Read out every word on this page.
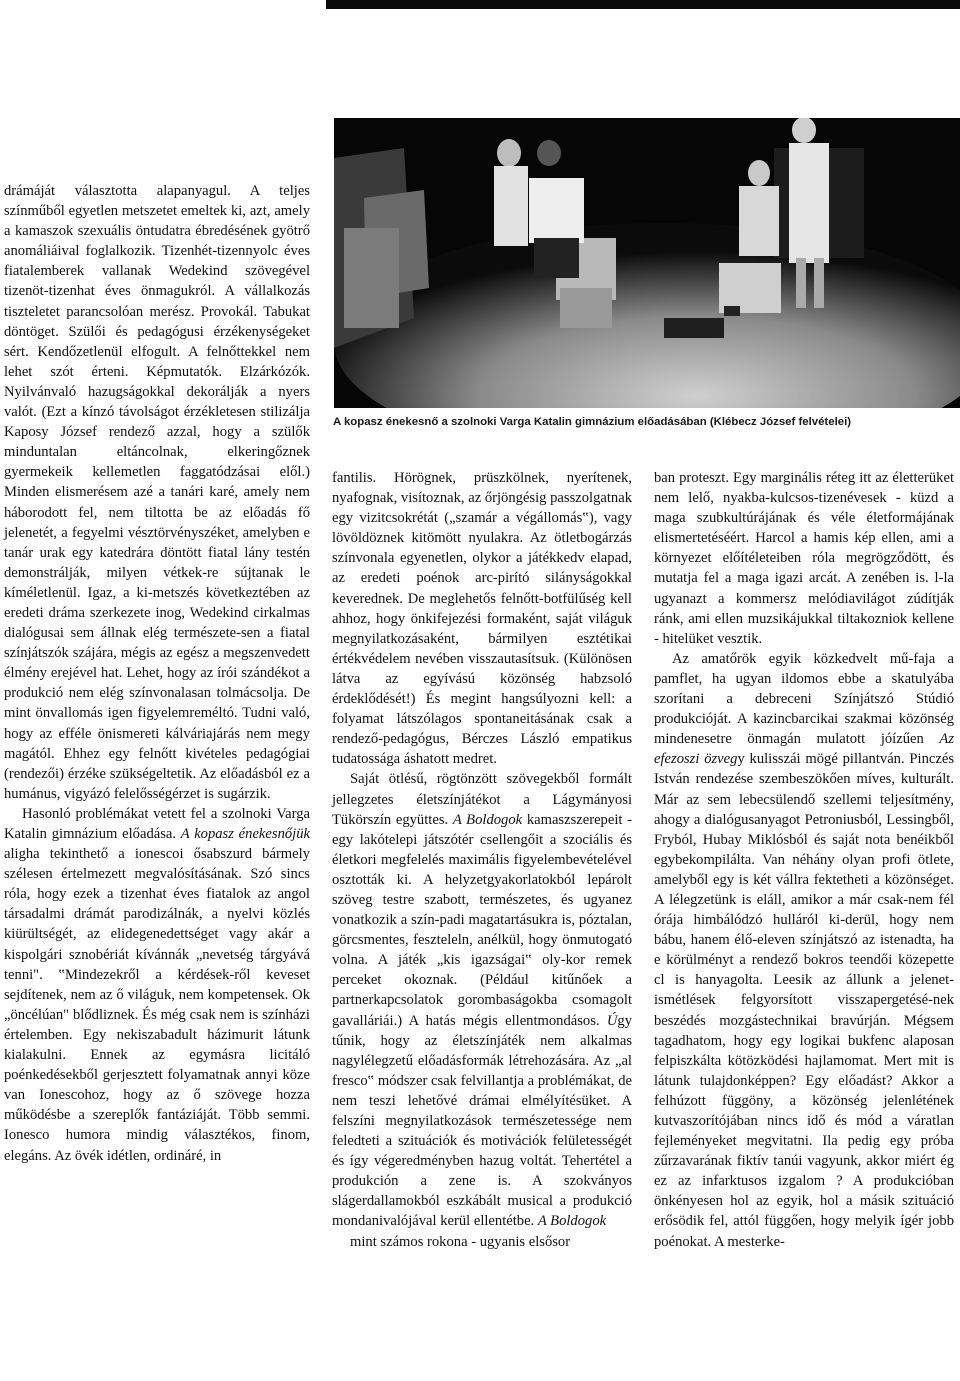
A kopasz énekesnő a szolnoki Varga Katalin gimnázium előadásában (Klébecz József felvételei)

drámáját választotta alapanyagul. A teljes színműből egyetlen metszetet emeltek ki, azt, amely a kamaszok szexuális öntudatra ébredésének gyötrő anomáliáival foglalkozik. Tizenhét-tizennyolc éves fiatalemberek vallanak Wedekind szövegével tizenöt-tizenhat éves önmagukról. A vállalkozás tiszteletet parancsolóan merész. Provokál. Tabukat döntöget. Szülői és pedagógusi érzékenységeket sért. Kendőzetlenül elfogult. A felnőttekkel nem lehet szót érteni. Képmutatók. Elzárkózók. Nyilvánvaló hazugságokkal dekorálják a nyers valót. (Ezt a kínzó távolságot érzékletesen stilizálja Kaposy József rendező azzal, hogy a szülők minduntalan eltáncolnak, elkeringőznek gyermekeik kellemetlen faggatódzásai elől.) Minden elismerésem azé a tanári karé, amely nem háborodott fel, nem tiltotta be az előadás fő jelenetét, a fegyelmi vésztörvényszéket, amelyben e tanár urak egy katedrára döntött fiatal lány testén demonstrálják, milyen vétkek-re sújtanak le kíméletlenül. Igaz, a ki-metszés következtében az eredeti dráma szerkezete inog, Wedekind cirkalmas dialógusai sem állnak elég természete-sen a fiatal színjátszók szájára, mégis az egész a megszenvedett élmény erejével hat. Lehet, hogy az írói szándékot a produkció nem elég színvonalasan tolmácsolja. De mint önvallomás igen figyelemreméltó. Tudni való, hogy az efféle önismereti kálváriajárás nem megy magától. Ehhez egy felnőtt kivételes pedagógiai (rendezői) érzéke szükségeltetik. Az előadásból ez a humánus, vigyázó felelősségérzet is sugárzik.

Hasonló problémákat vetett fel a szolnoki Varga Katalin gimnázium előadása. A kopasz énekesnőjük aligha tekinthető a ionescoi ősabszurd bármely szélesen értelmezett megvalósításának. Szó sincs róla, hogy ezek a tizenhat éves fiatalok az angol társadalmi drámát parodizálnák, a nyelvi közlés kiürültségét, az elidegenedettséget vagy akár a kispolgári sznobériát kívánnák „nevetség tárgyává tenni". ‟Mindezekről a kérdések-ről keveset sejdítenek, nem az ő világuk, nem kompetensek. Ok „öncélúan" blődliznek. És még csak nem is színházi értelemben. Egy nekiszabadult házimurit látunk kialakulni. Ennek az egymásra licitáló poénkedésekből gerjesztett folyamatnak annyi köze van Ionescohoz, hogy az ő szövege hozza működésbe a szereplők fantáziáját. Több semmi. Ionesco humora mindig választékos, finom, elegáns. Az övék idétlen, ordináré, in

fantilis. Hörögnek, prüszkölnek, nyerítenek, nyafognak, visítoznak, az őrjöngésig passzolgatnak egy vizitcsokrétát („szamár a végállomás‟), vagy lövöldöznek kitömött nyulakra. Az ötletbogárzás színvonala egyenetlen, olykor a játékkedv elapad, az eredeti poénok arc-pirító silányságokkal keverednek. De meglehetős felnőtt-botfülűség kell ahhoz, hogy önkifejezési formaként, saját világuk megnyilatkozásaként, bármilyen esztétikai értékvédelem nevében visszautasítsuk. (Különösen látva az egyívású közönség habzsoló érdeklődését!) És megint hangsúlyozni kell: a folyamat látszólagos spontaneitásának csak a rendező-pedagógus, Bérczes László empatikus tudatossága áshatott medret.

Saját ötlésű, rögtönzött szövegekből formált jellegzetes életszínjátékot a Lágymányosi Tükörszín együttes. A Boldogok kamaszszerepeit - egy lakótelepi játszótér csellengőit a szociális és életkori megfelelés maximális figyelembevételével osztották ki. A helyzetgyakorlatokból lepárolt szöveg testre szabott, természetes, és ugyanez vonatkozik a szín-padi magatartásukra is, póztalan, görcsmentes, feszteleln, anélkül, hogy önmutogató volna. A játék „kis igazságai‟ oly-kor remek perceket okoznak. (Például kitűnőek a partnerkapcsolatok gorombaságokba csomagolt gavalláriái.) A hatás mégis ellentmondásos. Úgy tűnik, hogy az életszínjáték nem alkalmas nagylélegzetű előadásformák létrehozására. Az „al fresco‟ módszer csak felvillantja a problémákat, de nem teszi lehetővé drámai elmélyítésüket. A felszíni megnyilatkozások természetessége nem feledteti a szituációk és motivációk felületességét és így végeredményben hazug voltát. Tehertétel a produkción a zene is. A szokványos slágerdallamokból eszkábált musical a produkció mondanivalójával kerül ellentétbe. A Boldogok

mint számos rokona - ugyanis elsősor

ban proteszt. Egy marginális réteg itt az életterüket nem lelő, nyakba-kulcsos-tizenévesek - küzd a maga szubkultúrájának és véle életformájának elismertetéséért. Harcol a hamis kép ellen, ami a környezet előítéleteiben róla megrögződött, és mutatja fel a maga igazi arcát. A zenében is. l-la ugyanazt a kommersz melódiavilágot zúdítják ránk, ami ellen muzsikájukkal tiltakozniok kellene - hitelüket vesztik.

Az amatőrök egyik közkedvelt mű-faja a pamflet, ha ugyan ildomos ebbe a skatulyába szorítani a debreceni Színjátszó Stúdió produkcióját. A kazincbarcikai szakmai közönség mindenesetre önmagán mulatott jóízűen Az efezoszi özvegy kulisszái mögé pillantván. Pinczés István rendezése szembeszökően míves, kulturált. Már az sem lebecsülendő szellemi teljesítmény, ahogy a dialógusanyagot Petroniusból, Lessingből, Fryból, Hubay Miklósból és saját nota benéikből egybekompilálta. Van néhány olyan profi ötlete, amelyből egy is két vállra fektetheti a közönséget. A lélegzetünk is eláll, amikor a már csak-nem fél órája himbálódzó hulláról ki-derül, hogy nem bábu, hanem élő-eleven színjátszó az istenadta, ha e körülményt a rendező bokros teendői közepette cl is hanyagolta. Leesik az állunk a jelenet-ismétlések felgyorsított visszapergetésé-nek beszédés mozgástechnikai bravúrján. Mégsem tagadhatom, hogy egy logikai bukfenc alaposan felpiszkálta kötözködési hajlamomat. Mert mit is látunk tulajdonképpen? Egy előadást? Akkor a felhúzott függöny, a közönség jelenlétének kutvaszorítójában nincs idő és mód a váratlan fejleményeket megvitatni. Ila pedig egy próba zűrzavarának fiktív tanúi vagyunk, akkor miért ég ez az infarktusos izgalom ? A produkcióban önkényesen hol az egyik, hol a másik szituáció erősödik fel, attól függően, hogy melyik ígér jobb poénokat. A mesterke-
